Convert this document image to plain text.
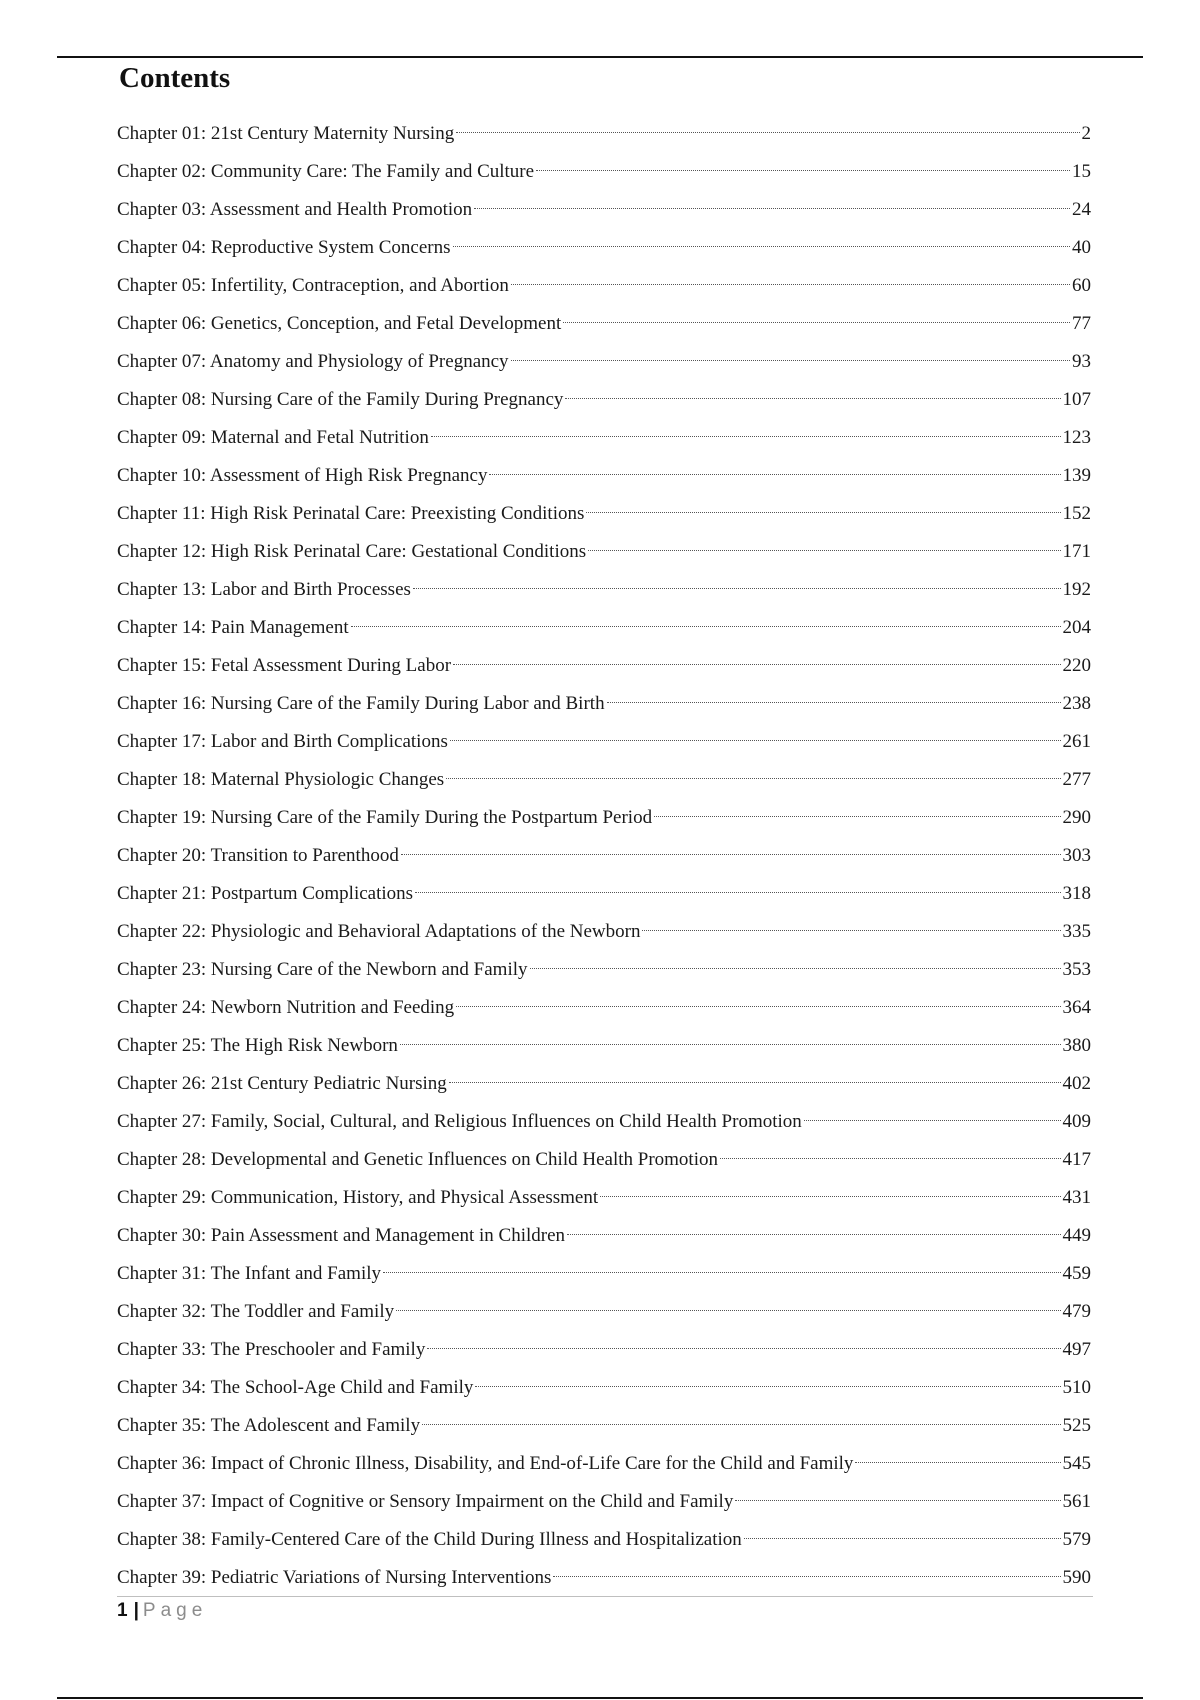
Contents
Chapter 01: 21st Century Maternity Nursing	2
Chapter 02: Community Care: The Family and Culture	15
Chapter 03: Assessment and Health Promotion	24
Chapter 04: Reproductive System Concerns	40
Chapter 05: Infertility, Contraception, and Abortion	60
Chapter 06: Genetics, Conception, and Fetal Development	77
Chapter 07: Anatomy and Physiology of Pregnancy	93
Chapter 08: Nursing Care of the Family During Pregnancy	107
Chapter 09: Maternal and Fetal Nutrition	123
Chapter 10: Assessment of High Risk Pregnancy	139
Chapter 11: High Risk Perinatal Care: Preexisting Conditions	152
Chapter 12: High Risk Perinatal Care: Gestational Conditions	171
Chapter 13: Labor and Birth Processes	192
Chapter 14: Pain Management	204
Chapter 15: Fetal Assessment During Labor	220
Chapter 16: Nursing Care of the Family During Labor and Birth	238
Chapter 17: Labor and Birth Complications	261
Chapter 18: Maternal Physiologic Changes	277
Chapter 19: Nursing Care of the Family During the Postpartum Period	290
Chapter 20: Transition to Parenthood	303
Chapter 21: Postpartum Complications	318
Chapter 22: Physiologic and Behavioral Adaptations of the Newborn	335
Chapter 23: Nursing Care of the Newborn and Family	353
Chapter 24: Newborn Nutrition and Feeding	364
Chapter 25: The High Risk Newborn	380
Chapter 26: 21st Century Pediatric Nursing	402
Chapter 27: Family, Social, Cultural, and Religious Influences on Child Health Promotion	409
Chapter 28: Developmental and Genetic Influences on Child Health Promotion	417
Chapter 29: Communication, History, and Physical Assessment	431
Chapter 30: Pain Assessment and Management in Children	449
Chapter 31: The Infant and Family	459
Chapter 32: The Toddler and Family	479
Chapter 33: The Preschooler and Family	497
Chapter 34: The School-Age Child and Family	510
Chapter 35: The Adolescent and Family	525
Chapter 36: Impact of Chronic Illness, Disability, and End-of-Life Care for the Child and Family	545
Chapter 37: Impact of Cognitive or Sensory Impairment on the Child and Family	561
Chapter 38: Family-Centered Care of the Child During Illness and Hospitalization	579
Chapter 39: Pediatric Variations of Nursing Interventions	590
1 | Page
